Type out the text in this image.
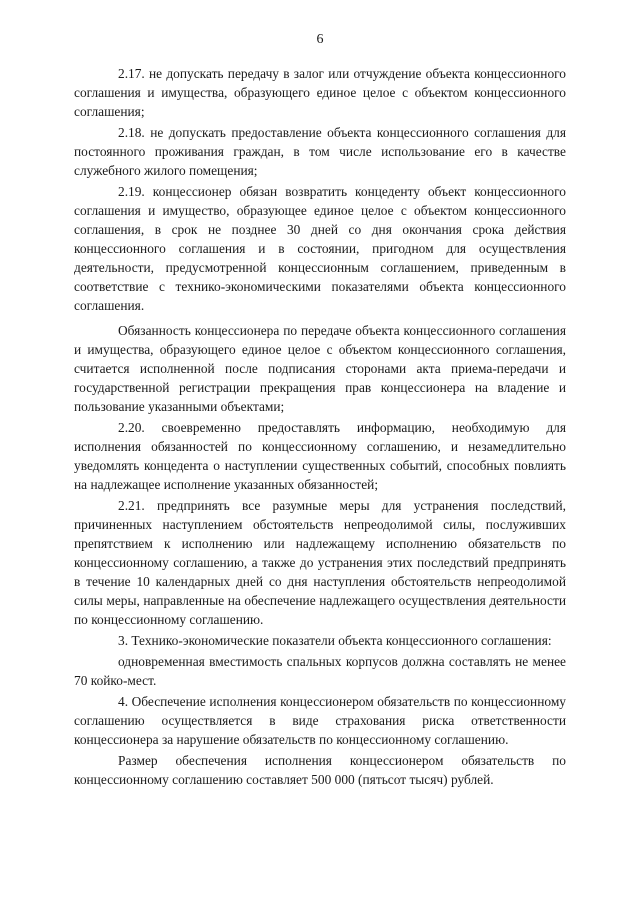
6

2.17. не допускать передачу в залог или отчуждение объекта концессионного соглашения и имущества, образующего единое целое с объектом концессионного соглашения;

2.18. не допускать предоставление объекта концессионного соглашения для постоянного проживания граждан, в том числе использование его в качестве служебного жилого помещения;

2.19. концессионер обязан возвратить концеденту объект концессионного соглашения и имущество, образующее единое целое с объектом концессионного соглашения, в срок не позднее 30 дней со дня окончания срока действия концессионного соглашения и в состоянии, пригодном для осуществления деятельности, предусмотренной концессионным соглашением, приведенным в соответствие с технико-экономическими показателями объекта концессионного соглашения.

Обязанность концессионера по передаче объекта концессионного соглашения и имущества, образующего единое целое с объектом концессионного соглашения, считается исполненной после подписания сторонами акта приема-передачи и государственной регистрации прекращения прав концессионера на владение и пользование указанными объектами;

2.20. своевременно предоставлять информацию, необходимую для исполнения обязанностей по концессионному соглашению, и незамедлительно уведомлять концедента о наступлении существенных событий, способных повлиять на надлежащее исполнение указанных обязанностей;

2.21. предпринять все разумные меры для устранения последствий, причиненных наступлением обстоятельств непреодолимой силы, послуживших препятствием к исполнению или надлежащему исполнению обязательств по концессионному соглашению, а также до устранения этих последствий предпринять в течение 10 календарных дней со дня наступления обстоятельств непреодолимой силы меры, направленные на обеспечение надлежащего осуществления деятельности по концессионному соглашению.

3. Технико-экономические показатели объекта концессионного соглашения:

одновременная вместимость спальных корпусов должна составлять не менее 70 койко-мест.

4. Обеспечение исполнения концессионером обязательств по концессионному соглашению осуществляется в виде страхования риска ответственности концессионера за нарушение обязательств по концессионному соглашению.

Размер обеспечения исполнения концессионером обязательств по концессионному соглашению составляет 500 000 (пятьсот тысяч) рублей.
